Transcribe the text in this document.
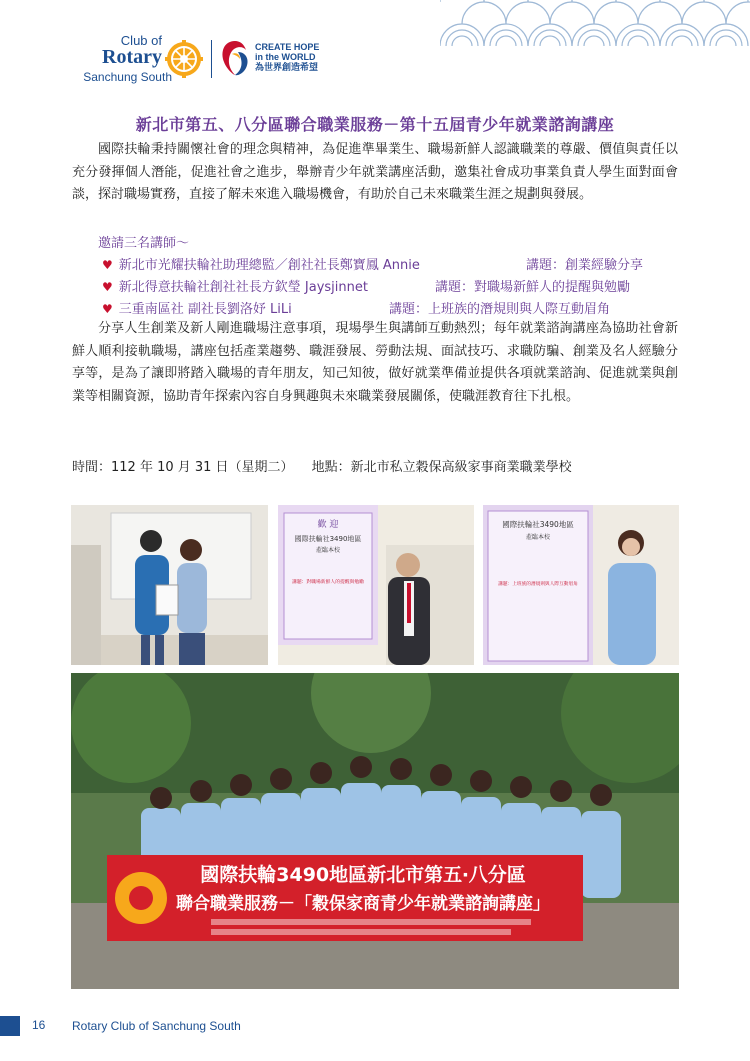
Club of
Rotary
Sanchung South
CREATE HOPE
in the WORLD
為世界創造希望
新北市第五、八分區聯合職業服務－第十五屆青少年就業諮詢講座
國際扶輪秉持關懷社會的理念與精神，為促進準畢業生、職場新鮮人認識職業的尊嚴、價值與責任以充分發揮個人潛能，促進社會之進步，舉辦青少年就業講座活動，邀集社會成功事業負責人學生面對面會談，探討職場實務，直接了解未來進入職場機會，有助於自己未來職業生涯之規劃與發展。
邀請三名講師～
♥ 新北市光耀扶輪社助理總監／創社社長鄭寶鳳 Annie	講題：創業經驗分享
♥ 新北得意扶輪社創社社長方欽瑩 Jaysjinnet	講題：對職場新鮮人的提醒與勉勵
♥ 三重南區社 副社長劉洛妤 LiLi	講題：上班族的潛規則與人際互動眉角
分享人生創業及新人剛進職場注意事項，現場學生與講師互動熱烈；每年就業諮詢講座為協助社會新鮮人順利接軌職場，講座包括產業趨勢、職涯發展、勞動法規、面試技巧、求職防騙、創業及名人經驗分享等，是為了讓即將踏入職場的青年朋友，知己知彼，做好就業準備並提供各項就業諮詢、促進就業與創業等相關資源，協助青年探索內容自身興趣與未來職業發展關係，使職涯教育往下扎根。
時間：112 年 10 月 31 日（星期二） 地點：新北市私立穀保高級家事商業職業學校
歡 迎
國際扶輪社3490地區
蒞臨本校
講題：對職場新鮮人的提醒與勉勵
國際扶輪社3490地區
蒞臨本校
講題：上班族的潛規則與人際互動眉角
國際扶輪3490地區新北市第五‧八分區
聯合職業服務－「穀保家商青少年就業諮詢講座」
16 Rotary Club of Sanchung South
